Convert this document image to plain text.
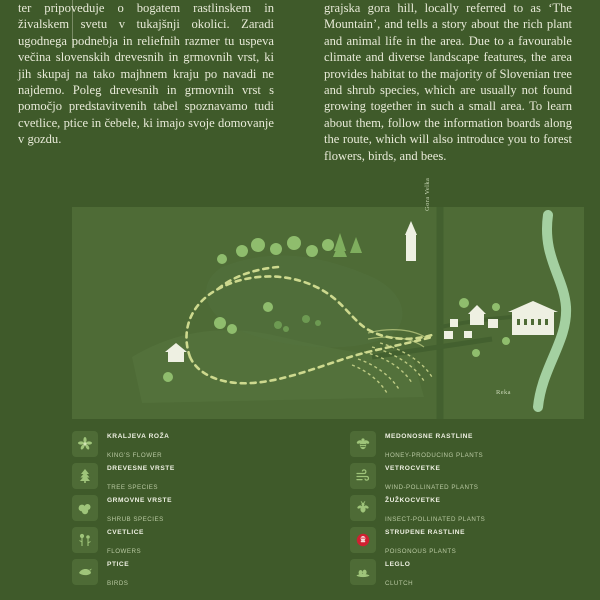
ter pripoveduje o bogatem rastlinskem in živalskem svetu v tukajšnji okolici. Zaradi ugodnega podnebja in reliefnih razmer tu uspeva večina slovenskih drevesnih in grmovnih vrst, ki jih skupaj na tako majhnem kraju po navadi ne najdemo. Poleg drevesnih in grmovnih vrst s pomočjo predstavitvenih tabel spoznavamo tudi cvetlice, ptice in čebele, ki imajo svoje domovanje v gozdu.

grajska gora hill, locally referred to as ‘The Mountain’, and tells a story about the rich plant and animal life in the area. Due to a favourable climate and diverse landscape features, the area provides habitat to the majority of Slovenian tree and shrub species, which are usually not found growing together in such a small area. To learn about them, follow the information boards along the route, which will also introduce you to forest flowers, birds, and bees.

Gora Velka
Reka
KRALJEVA ROŽA
KING'S FLOWER
DREVESNE VRSTE
TREE SPECIES
GRMOVNE VRSTE
SHRUB SPECIES
CVETLICE
FLOWERS
PTICE
BIRDS
MEDONOSNE RASTLINE
HONEY-PRODUCING PLANTS
VETROCVETKE
WIND-POLLINATED PLANTS
ŽUŽKOCVETKE
INSECT-POLLINATED PLANTS
STRUPENE RASTLINE
POISONOUS PLANTS
LEGLO
CLUTCH
